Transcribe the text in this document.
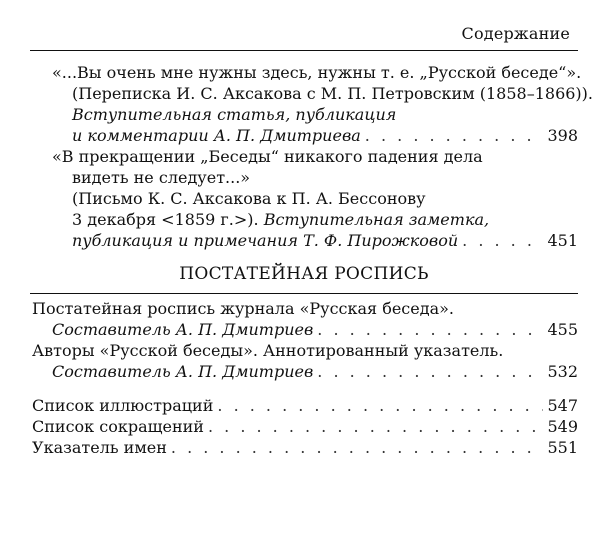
Содержание
«...Вы очень мне нужны здесь, нужны т. е. „Русской беседе“».
(Переписка И. С. Аксакова с М. П. Петровским (1858–1866)).
Вступительная статья, публикация
и комментарии А. П. Дмитриева . . .	398
«В прекращении „Беседы“ никакого падения дела
видеть не следует...»
(Письмо К. С. Аксакова к П. А. Бессонову
3 декабря <1859 г.>). Вступительная заметка,
публикация и примечания Т. Ф. Пирожковой . . .	451
ПОСТАТЕЙНАЯ РОСПИСЬ
Постатейная роспись журнала «Русская беседа».
Составитель А. П. Дмитриев . . .	455
Авторы «Русской беседы». Аннотированный указатель.
Составитель А. П. Дмитриев . . .	532
Список иллюстраций . . .	547
Список сокращений . . .	549
Указатель имен . . .	551
